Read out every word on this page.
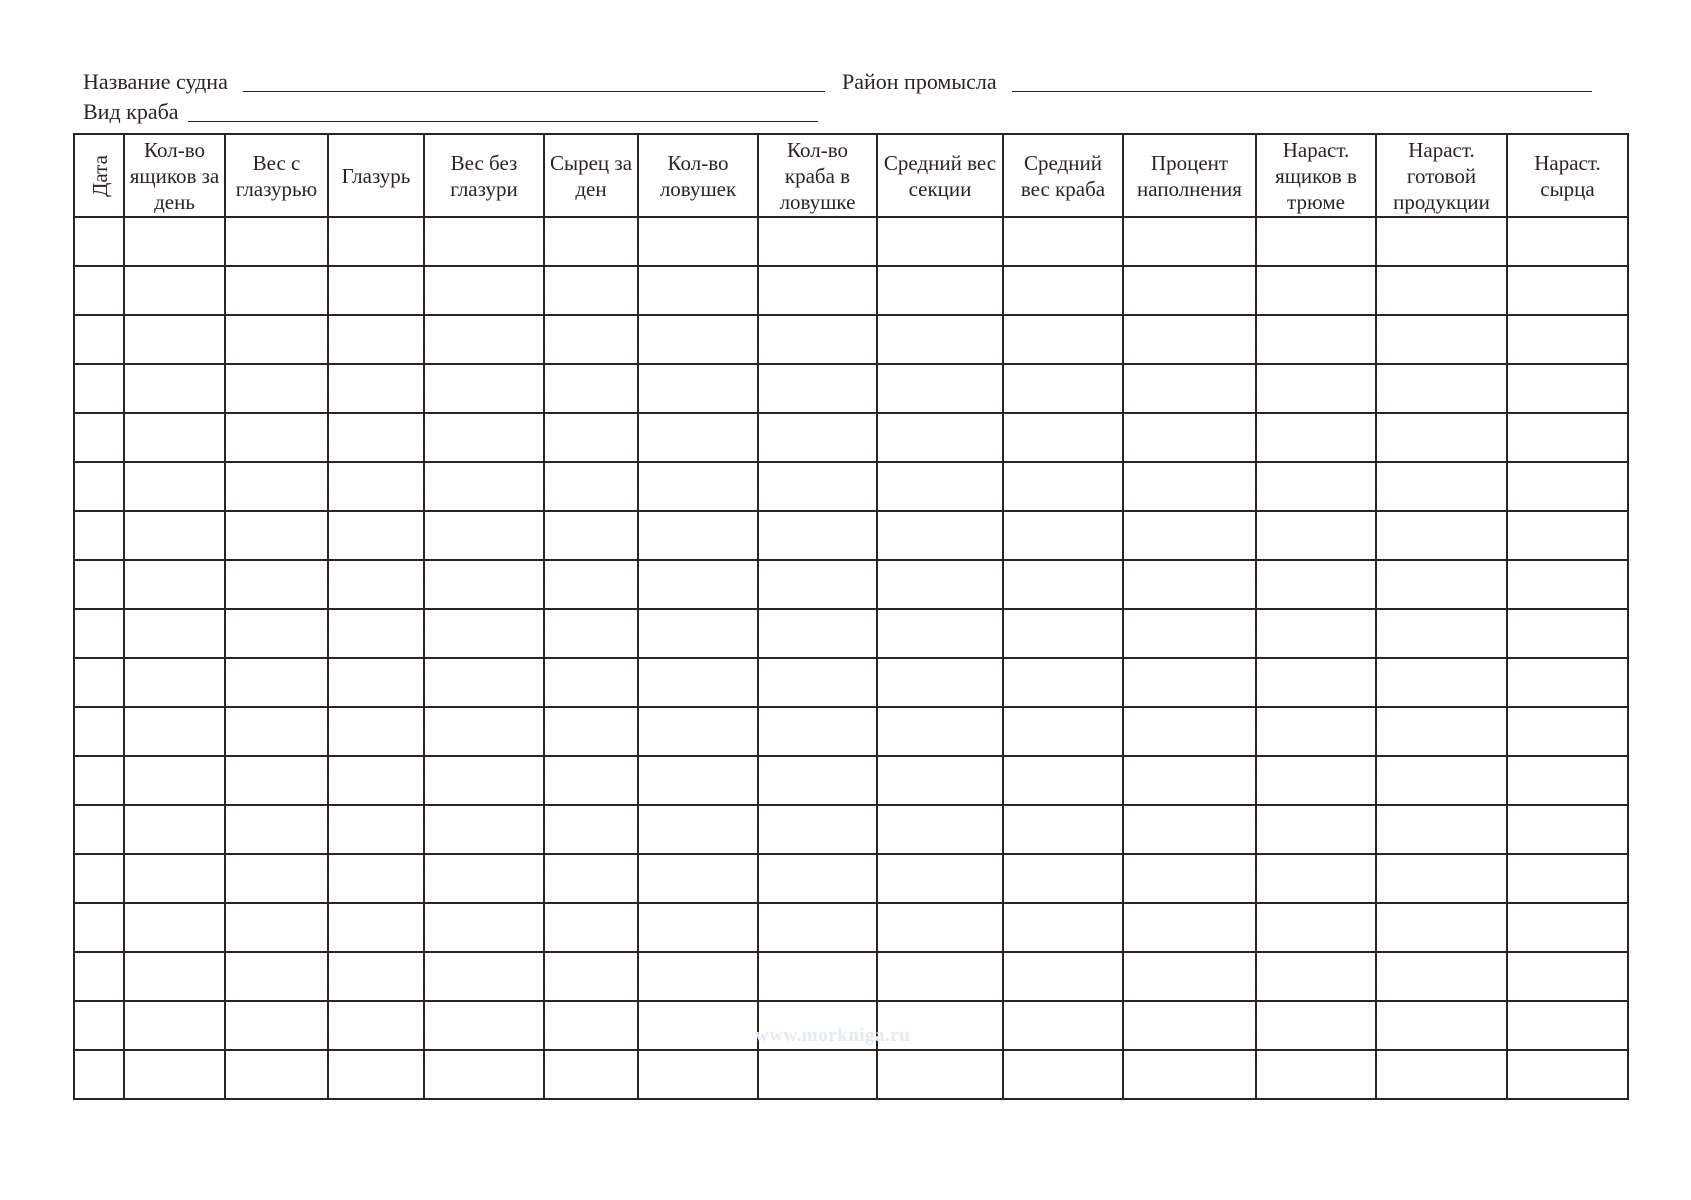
Название судна	Район промысла
Вид краба
Дата	Кол-во ящиков за день	Вес с глазурью	Глазурь	Вес без глазури	Сырец за ден	Кол-во ловушек	Кол-во краба в ловушке	Средний вес секции	Средний вес краба	Процент наполнения	Нараст. ящиков в трюме	Нараст. готовой продукции	Нараст. сырца

www.morkniga.ru
